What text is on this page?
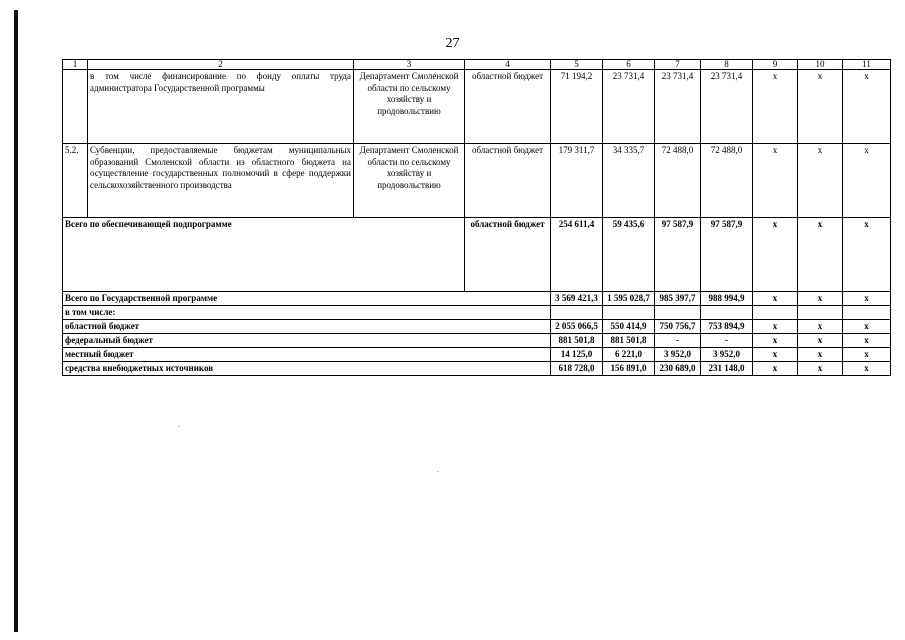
27
1	2	3	4	5	6	7	8	9	10	11
	в том числе финансирование по фонду оплаты труда администратора Государственной программы	Департамент Смоленской области по сельскому хозяйству и продовольствию	областной бюджет	71 194,2	23 731,4	23 731,4	23 731,4	х	х	х
5.2.	Субвенции, предоставляемые бюджетам муниципальных образований Смоленской области из областного бюджета на осуществление государственных полномочий в сфере поддержки сельскохозяйственного производства	Департамент Смоленской области по сельскому хозяйству и продовольствию	областной бюджет	179 311,7	34 335,7	72 488,0	72 488,0	х	х	х
Всего по обеспечивающей подпрограмме			областной бюджет	254 611,4	59 435,6	97 587,9	97 587,9	х	х	х
Всего по Государственной программе				3 569 421,3	1 595 028,7	985 397,7	988 994,9	х	х	х
в том числе:										
областной бюджет				2 055 066,5	550 414,9	750 756,7	753 894,9	х	х	х
федеральный бюджет				881 501,8	881 501,8	-	-	х	х	х
местный бюджет				14 125,0	6 221,0	3 952,0	3 952,0	х	х	х
средства внебюджетных источников				618 728,0	156 891,0	230 689,0	231 148,0	х	х	х
